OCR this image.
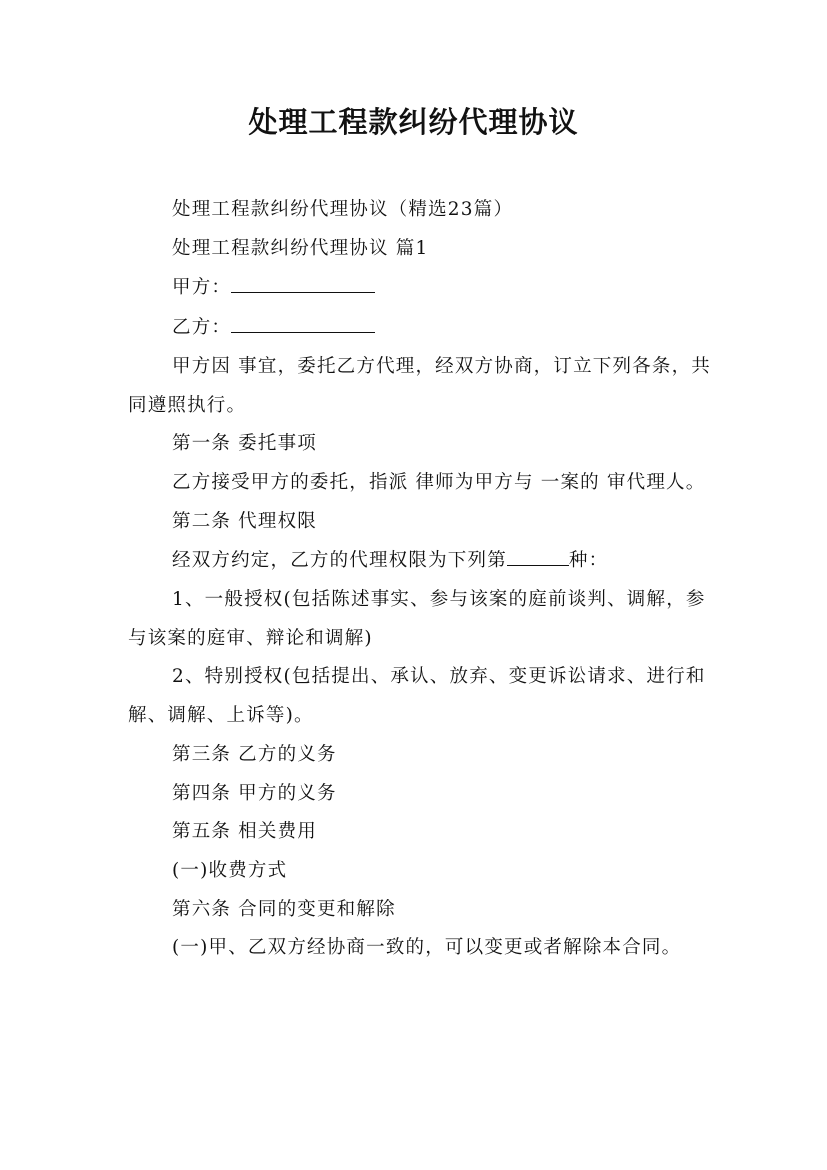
处理工程款纠纷代理协议

处理工程款纠纷代理协议（精选23篇）

处理工程款纠纷代理协议 篇1

甲方：

乙方：

甲方因 事宜，委托乙方代理，经双方协商，订立下列各条，共同遵照执行。

第一条 委托事项

乙方接受甲方的委托，指派 律师为甲方与 一案的 审代理人。

第二条 代理权限

经双方约定，乙方的代理权限为下列第	种：

1、一般授权(包括陈述事实、参与该案的庭前谈判、调解，参与该案的庭审、辩论和调解)

2、特别授权(包括提出、承认、放弃、变更诉讼请求、进行和解、调解、上诉等)。

第三条 乙方的义务

第四条 甲方的义务

第五条 相关费用

(一)收费方式

第六条 合同的变更和解除

(一)甲、乙双方经协商一致的，可以变更或者解除本合同。
